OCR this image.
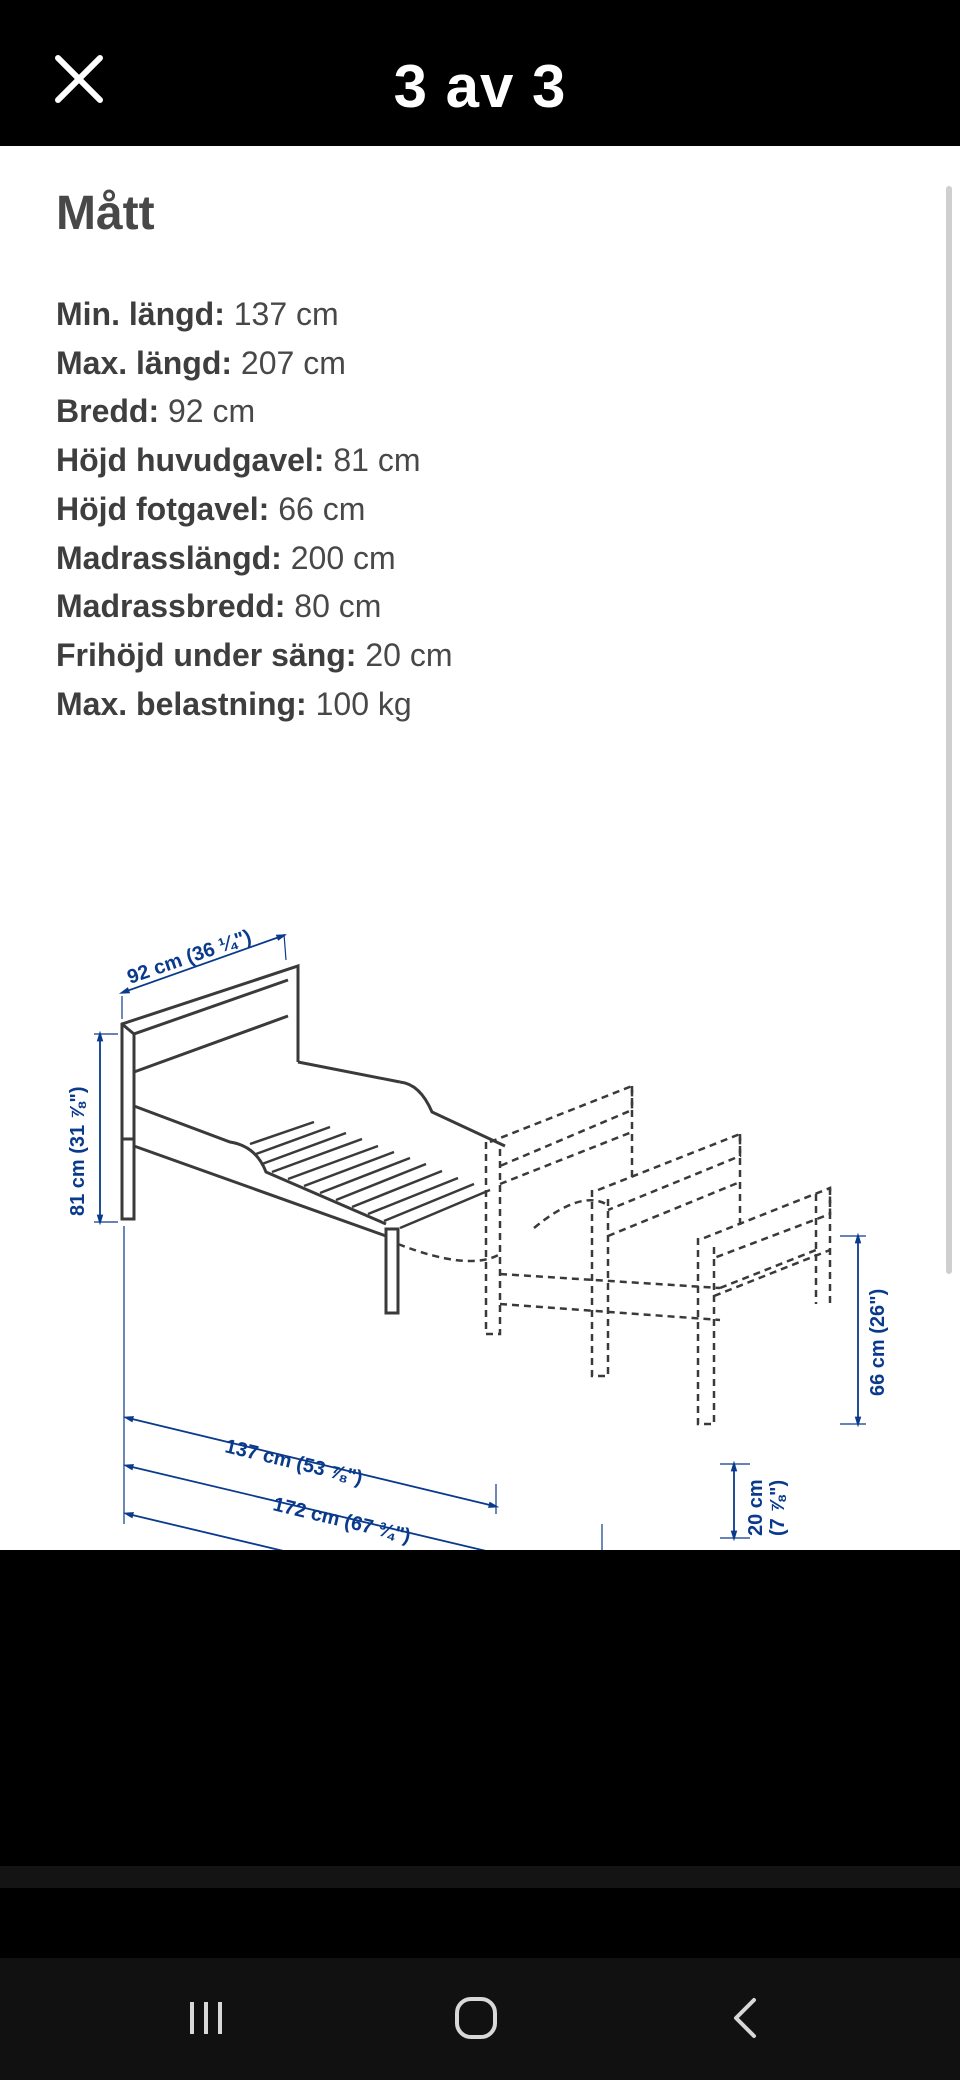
3 av 3
Mått
Min. längd: 137 cm
Max. längd: 207 cm
Bredd: 92 cm
Höjd huvudgavel: 81 cm
Höjd fotgavel: 66 cm
Madrasslängd: 200 cm
Madrassbredd: 80 cm
Frihöjd under säng: 20 cm
Max. belastning: 100 kg
92 cm (36 ¼")
81 cm (31 ⅞")
66 cm (26")
20 cm (7 ⅞")
137 cm (53 ⅞")
172 cm (67 ¾")
207 cm (81 ½")
